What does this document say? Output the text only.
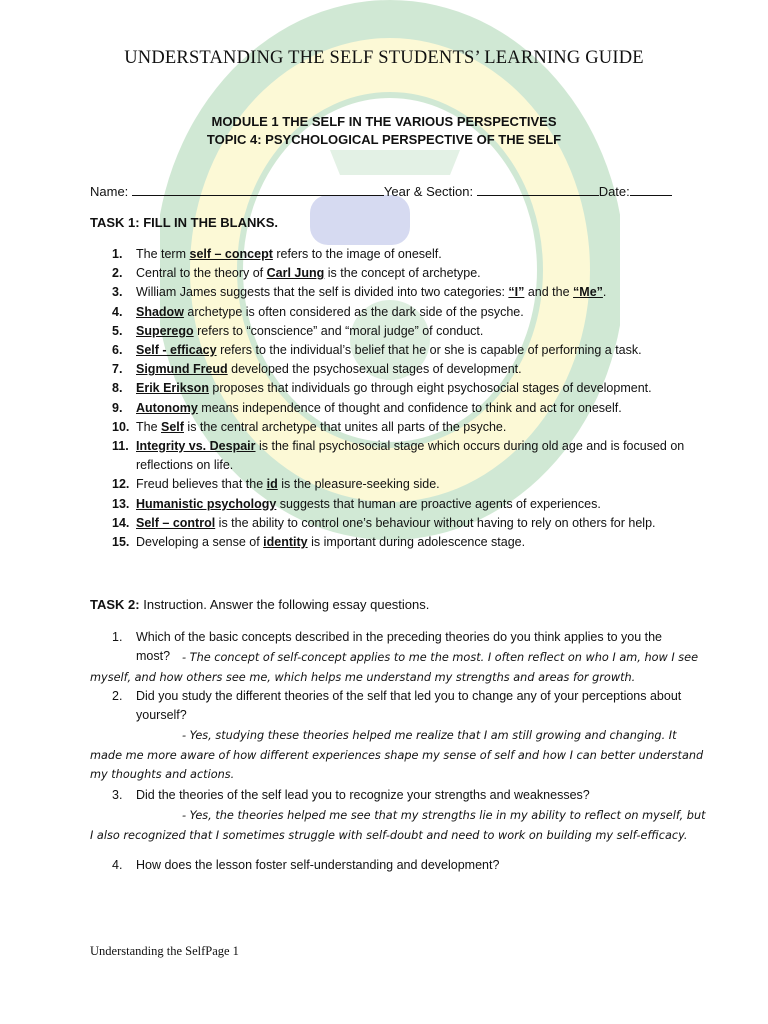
UNDERSTANDING THE SELF STUDENTS’ LEARNING GUIDE
MODULE 1 THE SELF IN THE VARIOUS PERSPECTIVES
TOPIC 4: PSYCHOLOGICAL PERSPECTIVE OF THE SELF
Name:	Year & Section:	Date:
TASK 1: FILL IN THE BLANKS.
1. The term self – concept refers to the image of oneself.
2. Central to the theory of Carl Jung is the concept of archetype.
3. William James suggests that the self is divided into two categories: “I” and the “Me”.
4. Shadow archetype is often considered as the dark side of the psyche.
5. Superego refers to “conscience” and “moral judge” of conduct.
6. Self - efficacy refers to the individual’s belief that he or she is capable of performing a task.
7. Sigmund Freud developed the psychosexual stages of development.
8. Erik Erikson proposes that individuals go through eight psychosocial stages of development.
9. Autonomy means independence of thought and confidence to think and act for oneself.
10. The Self is the central archetype that unites all parts of the psyche.
11. Integrity vs. Despair is the final psychosocial stage which occurs during old age and is focused on reflections on life.
12. Freud believes that the id is the pleasure-seeking side.
13. Humanistic psychology suggests that human are proactive agents of experiences.
14. Self – control is the ability to control one’s behaviour without having to rely on others for help.
15. Developing a sense of identity is important during adolescence stage.
TASK 2: Instruction. Answer the following essay questions.
1. Which of the basic concepts described in the preceding theories do you think applies to you the most?	- The concept of self-concept applies to me the most. I often reflect on who I am, how I see myself, and how others see me, which helps me understand my strengths and areas for growth.
2. Did you study the different theories of the self that led you to change any of your perceptions about yourself?
- Yes, studying these theories helped me realize that I am still growing and changing. It made me more aware of how different experiences shape my sense of self and how I can better understand my thoughts and actions.
3. Did the theories of the self lead you to recognize your strengths and weaknesses?
- Yes, the theories helped me see that my strengths lie in my ability to reflect on myself, but I also recognized that I sometimes struggle with self-doubt and need to work on building my self-efficacy.
4. How does the lesson foster self-understanding and development?
Understanding the SelfPage 1
